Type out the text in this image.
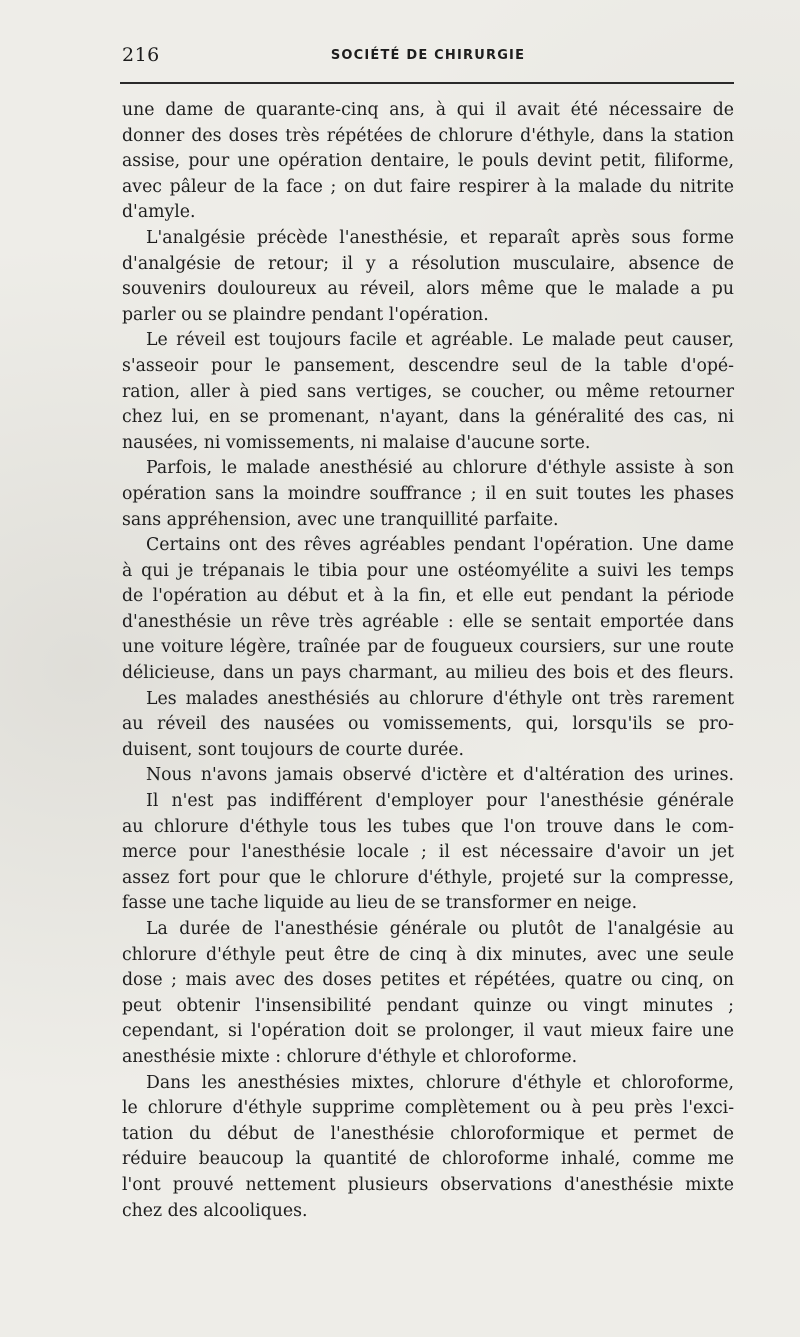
216	SOCIÉTÉ DE CHIRURGIE
une dame de quarante-cinq ans, à qui il avait été nécessaire de
donner des doses très répétées de chlorure d'éthyle, dans la station
assise, pour une opération dentaire, le pouls devint petit, filiforme,
avec pâleur de la face ; on dut faire respirer à la malade du nitrite
d'amyle.
L'analgésie précède l'anesthésie, et reparaît après sous forme
d'analgésie de retour; il y a résolution musculaire, absence de
souvenirs douloureux au réveil, alors même que le malade a pu
parler ou se plaindre pendant l'opération.
Le réveil est toujours facile et agréable. Le malade peut causer,
s'asseoir pour le pansement, descendre seul de la table d'opé-
ration, aller à pied sans vertiges, se coucher, ou même retourner
chez lui, en se promenant, n'ayant, dans la généralité des cas, ni
nausées, ni vomissements, ni malaise d'aucune sorte.
Parfois, le malade anesthésié au chlorure d'éthyle assiste à son
opération sans la moindre souffrance ; il en suit toutes les phases
sans appréhension, avec une tranquillité parfaite.
Certains ont des rêves agréables pendant l'opération. Une dame
à qui je trépanais le tibia pour une ostéomyélite a suivi les temps
de l'opération au début et à la fin, et elle eut pendant la période
d'anesthésie un rêve très agréable : elle se sentait emportée dans
une voiture légère, traînée par de fougueux coursiers, sur une route
délicieuse, dans un pays charmant, au milieu des bois et des fleurs.
Les malades anesthésiés au chlorure d'éthyle ont très rarement
au réveil des nausées ou vomissements, qui, lorsqu'ils se pro-
duisent, sont toujours de courte durée.
Nous n'avons jamais observé d'ictère et d'altération des urines.
Il n'est pas indifférent d'employer pour l'anesthésie générale
au chlorure d'éthyle tous les tubes que l'on trouve dans le com-
merce pour l'anesthésie locale ; il est nécessaire d'avoir un jet
assez fort pour que le chlorure d'éthyle, projeté sur la compresse,
fasse une tache liquide au lieu de se transformer en neige.
La durée de l'anesthésie générale ou plutôt de l'analgésie au
chlorure d'éthyle peut être de cinq à dix minutes, avec une seule
dose ; mais avec des doses petites et répétées, quatre ou cinq, on
peut obtenir l'insensibilité pendant quinze ou vingt minutes ;
cependant, si l'opération doit se prolonger, il vaut mieux faire une
anesthésie mixte : chlorure d'éthyle et chloroforme.
Dans les anesthésies mixtes, chlorure d'éthyle et chloroforme,
le chlorure d'éthyle supprime complètement ou à peu près l'exci-
tation du début de l'anesthésie chloroformique et permet de
réduire beaucoup la quantité de chloroforme inhalé, comme me
l'ont prouvé nettement plusieurs observations d'anesthésie mixte
chez des alcooliques.
